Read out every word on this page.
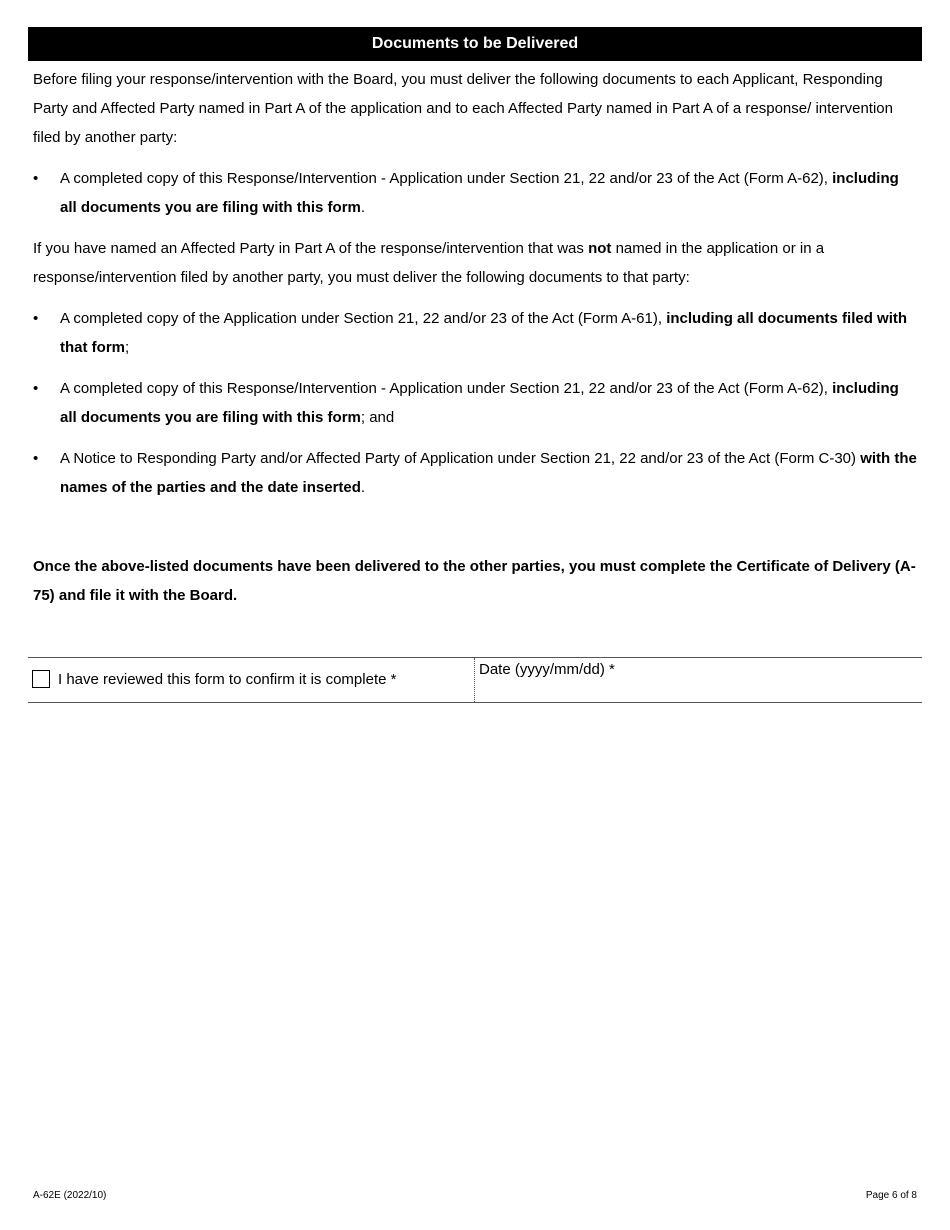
Documents to be Delivered

Before filing your response/intervention with the Board, you must deliver the following documents to each Applicant, Responding Party and Affected Party named in Part A of the application and to each Affected Party named in Part A of a response/ intervention filed by another party:

• A completed copy of this Response/Intervention - Application under Section 21, 22 and/or 23 of the Act (Form A-62), including all documents you are filing with this form.

If you have named an Affected Party in Part A of the response/intervention that was not named in the application or in a response/intervention filed by another party, you must deliver the following documents to that party:

• A completed copy of the Application under Section 21, 22 and/or 23 of the Act (Form A-61), including all documents filed with that form;
• A completed copy of this Response/Intervention - Application under Section 21, 22 and/or 23 of the Act (Form A-62), including all documents you are filing with this form; and
• A Notice to Responding Party and/or Affected Party of Application under Section 21, 22 and/or 23 of the Act (Form C-30) with the names of the parties and the date inserted.

Once the above-listed documents have been delivered to the other parties, you must complete the Certificate of Delivery (A-75) and file it with the Board.

I have reviewed this form to confirm it is complete *
Date (yyyy/mm/dd) *
A-62E (2022/10)	Page 6 of 8
